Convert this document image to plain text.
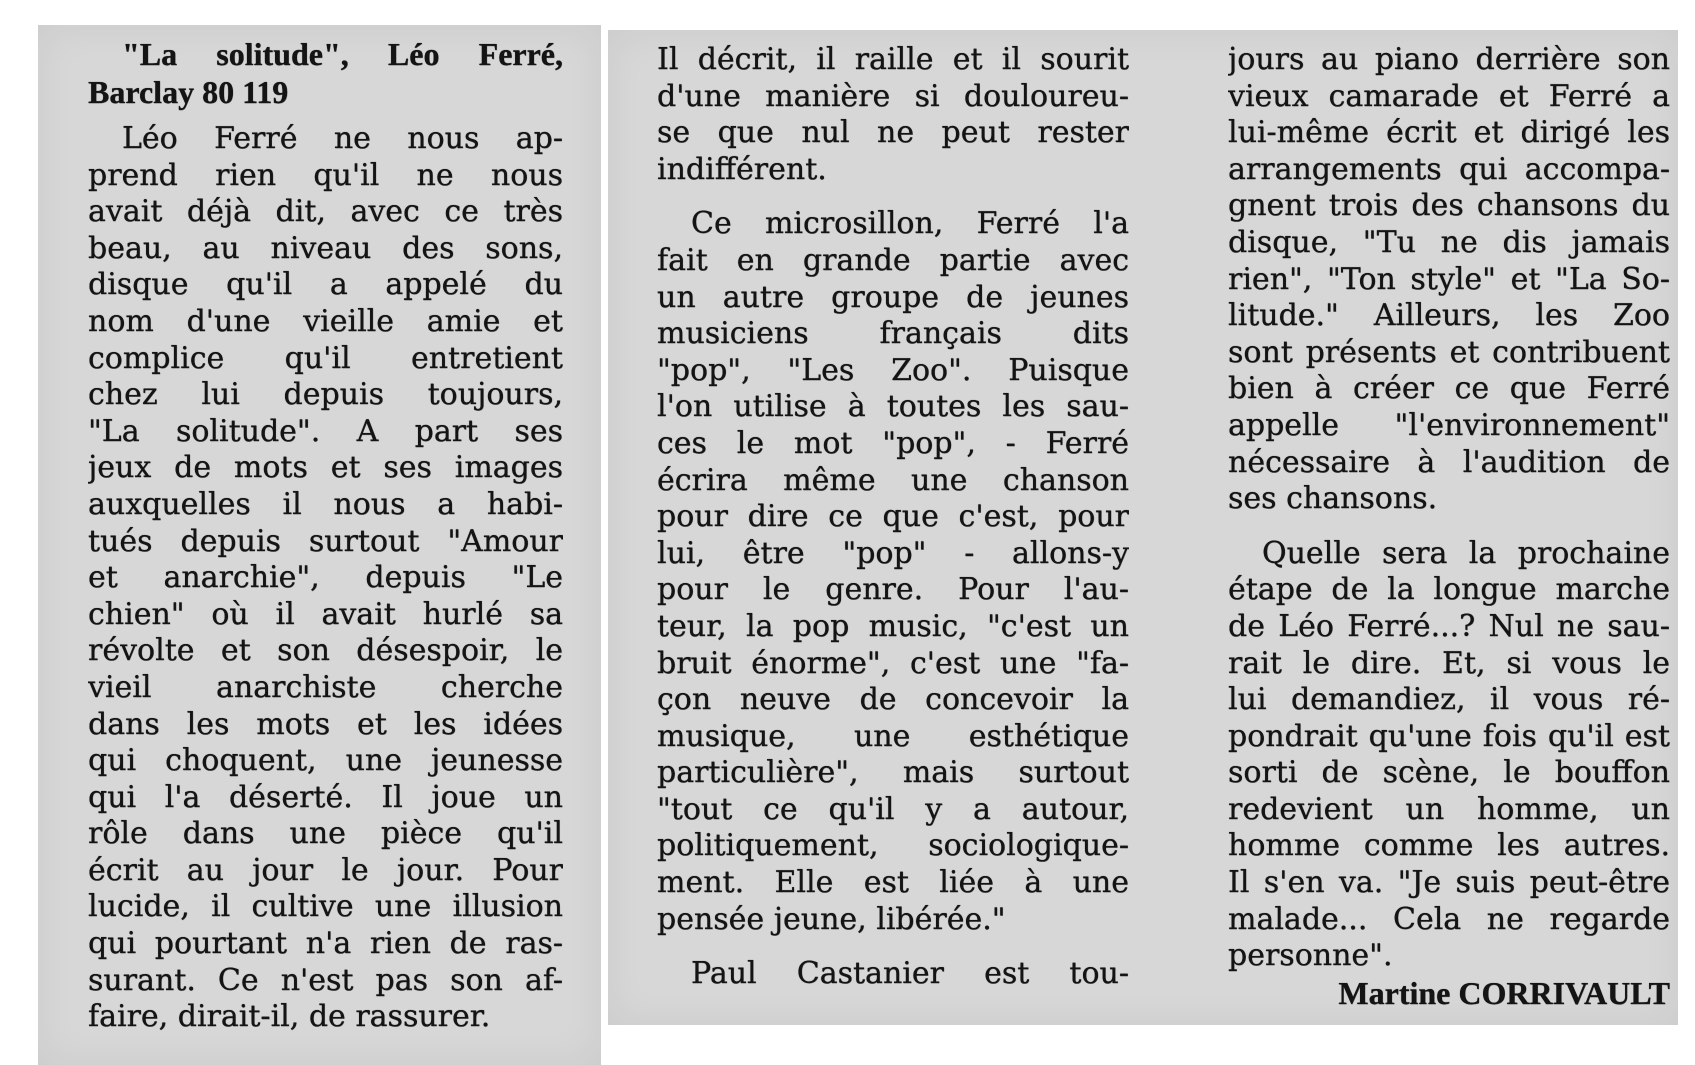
"La solitude", Léo Ferré,
Barclay 80 119
Léo Ferré ne nous ap-
prend rien qu'il ne nous
avait déjà dit, avec ce très
beau, au niveau des sons,
disque qu'il a appelé du
nom d'une vieille amie et
complice qu'il entretient
chez lui depuis toujours,
"La solitude". A part ses
jeux de mots et ses images
auxquelles il nous a habi-
tués depuis surtout "Amour
et anarchie", depuis "Le
chien" où il avait hurlé sa
révolte et son désespoir, le
vieil anarchiste cherche
dans les mots et les idées
qui choquent, une jeunesse
qui l'a déserté. Il joue un
rôle dans une pièce qu'il
écrit au jour le jour. Pour
lucide, il cultive une illusion
qui pourtant n'a rien de ras-
surant. Ce n'est pas son af-
faire, dirait-il, de rassurer.
Il décrit, il raille et il sourit
d'une manière si douloureu-
se que nul ne peut rester
indifférent.
Ce microsillon, Ferré l'a
fait en grande partie avec
un autre groupe de jeunes
musiciens français dits
"pop", "Les Zoo". Puisque
l'on utilise à toutes les sau-
ces le mot "pop", - Ferré
écrira même une chanson
pour dire ce que c'est, pour
lui, être "pop" - allons-y
pour le genre. Pour l'au-
teur, la pop music, "c'est un
bruit énorme", c'est une "fa-
çon neuve de concevoir la
musique, une esthétique
particulière", mais surtout
"tout ce qu'il y a autour,
politiquement, sociologique-
ment. Elle est liée à une
pensée jeune, libérée."
Paul Castanier est tou-
jours au piano derrière son
vieux camarade et Ferré a
lui-même écrit et dirigé les
arrangements qui accompa-
gnent trois des chansons du
disque, "Tu ne dis jamais
rien", "Ton style" et "La So-
litude." Ailleurs, les Zoo
sont présents et contribuent
bien à créer ce que Ferré
appelle "l'environnement"
nécessaire à l'audition de
ses chansons.
Quelle sera la prochaine
étape de la longue marche
de Léo Ferré...? Nul ne sau-
rait le dire. Et, si vous le
lui demandiez, il vous ré-
pondrait qu'une fois qu'il est
sorti de scène, le bouffon
redevient un homme, un
homme comme les autres.
Il s'en va. "Je suis peut-être
malade... Cela ne regarde
personne".
Martine CORRIVAULT
